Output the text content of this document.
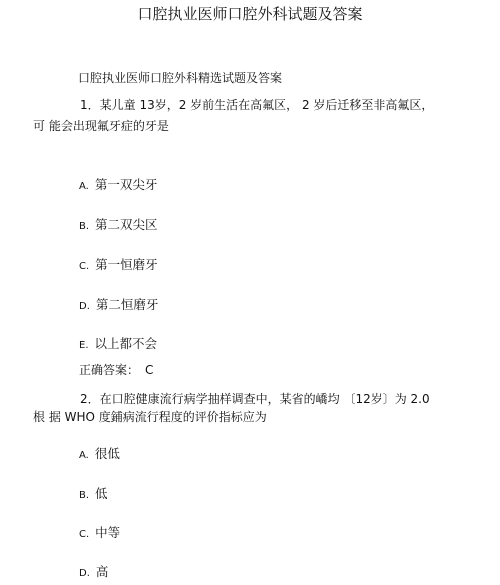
口腔执业医师口腔外科试题及答案
口腔执业医师口腔外科精选试题及答案
1．某儿童 13岁，2 岁前生活在高氟区， 2 岁后迁移至非高氟区，
可 能会出现氟牙症的牙是
A. 第一双尖牙
B. 第二双尖区
C. 第一恒磨牙
D. 第二恒磨牙
E. 以上都不会
正确答案： C
2．在口腔健康流行病学抽样调查中，某省的嶠均 〔12岁〕为 2.0
根 据 WHO 度鋪病流行程度的评价指标应为
A. 很低
B. 低
C. 中等
D. 高
